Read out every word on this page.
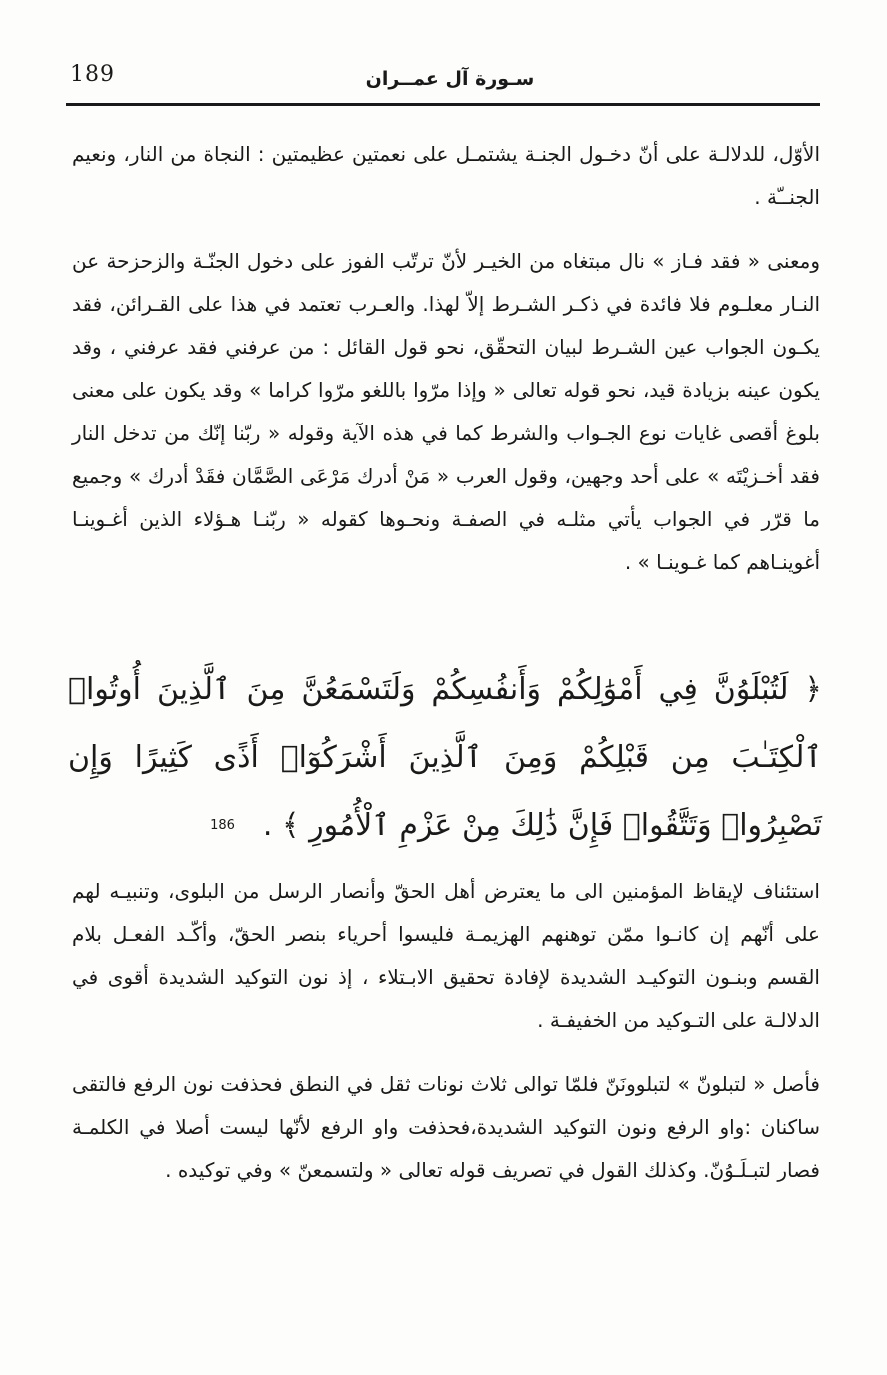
189	سـورة آل عمــران

الأوّل، للدلالـة على أنّ دخـول الجنـة يشتمـل على نعمتين عظيمتين : النجاة من النار، ونعيم الجنــّة .

ومعنى « فقد فـاز » نال مبتغاه من الخيـر لأنّ ترتّب الفوز على دخول الجنّـة والزحزحة عن النـار معلـوم فلا فائدة في ذكـر الشـرط إلاّ لهذا. والعـرب تعتمد في هذا على القـرائن، فقد يكـون الجواب عين الشـرط لبيان التحقّق، نحو قول القائل : من عرفني فقد عرفني ، وقد يكون عينه بزيادة قيد، نحو قوله تعالى « وإذا مرّوا باللغو مرّوا كراما » وقد يكون على معنى بلوغ أقصى غايات نوع الجـواب والشرط كما في هذه الآية وقوله « ربّنا إنّك من تدخل النار فقد أخـزيْتَه » على أحد وجهين، وقول العرب « مَنْ أدرك مَرْعَى الصَّمَّان فقَدْ أدرك » وجميع ما قرّر في الجواب يأتي مثلـه في الصفـة ونحـوها كقوله « ربّنـا هـؤلاء الذين أغـوينـا أغوينـاهم كما غـوينـا » .

﴿ لَتُبْلَوُنَّ فِي أَمْوَٰلِكُمْ وَأَنفُسِكُمْ وَلَتَسْمَعُنَّ مِنَ ٱلَّذِينَ أُوتُوا۟ ٱلْكِتَـٰبَ مِن قَبْلِكُمْ وَمِنَ ٱلَّذِينَ أَشْرَكُوٓا۟ أَذًى كَثِيرًا وَإِن تَصْبِرُوا۟ وَتَتَّقُوا۟ فَإِنَّ ذَٰلِكَ مِنْ عَزْمِ ٱلْأُمُورِ ﴾ .$^{186}$

استئناف لإيقاظ المؤمنين الى ما يعترض أهل الحقّ وأنصار الرسل من البلوى، وتنبيـه لهم على أنّهم إن كانـوا ممّن توهنهم الهزيمـة فليسوا أحرياء بنصر الحقّ، وأكّـد الفعـل بلام القسم وبنـون التوكيـد الشديدة لإفادة تحقيق الابـتلاء ، إذ نون التوكيد الشديدة أقوى في الدلالـة على التـوكيد من الخفيفـة .

فأصل « لتبلونّ » لتبلوونَنّ فلمّا توالى ثلاث نونات ثقل في النطق فحذفت نون الرفع فالتقى ساكنان :واو الرفع ونون التوكيد الشديدة،فحذفت واو الرفع لأنّها ليست أصلا في الكلمـة فصار لتبـلَـوُنّ. وكذلك القول في تصريف قوله تعالى « ولتسمعنّ » وفي توكيده .
